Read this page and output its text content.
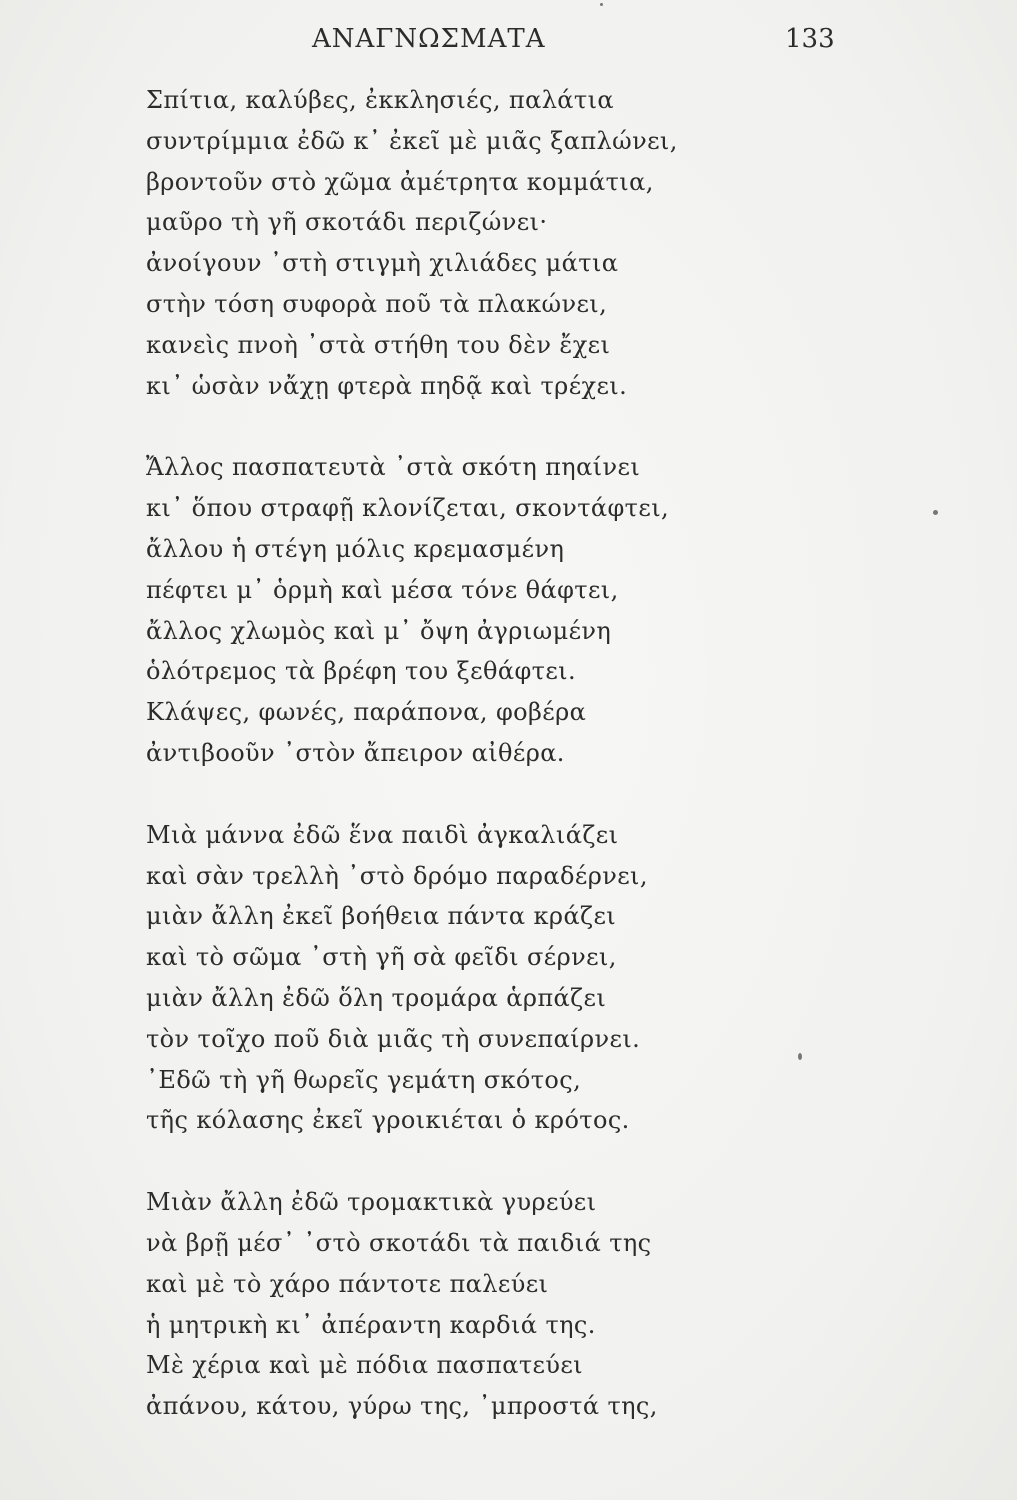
ΑΝΑΓΝΩΣΜΑΤΑ	133
Σπίτια, καλύβες, ἐκκλησιές, παλάτια
συντρίμμια ἐδῶ κ᾿ ἐκεῖ μὲ μιᾶς ξαπλώνει,
βροντοῦν στὸ χῶμα ἀμέτρητα κομμάτια,
μαῦρο τὴ γῆ σκοτάδι περιζώνει·
ἀνοίγουν ᾿στὴ στιγμὴ χιλιάδες μάτια
στὴν τόση συφορὰ ποῦ τὰ πλακώνει,
κανεὶς πνοὴ ᾿στὰ στήθη του δὲν ἔχει
κι᾿ ὡσὰν νἄχῃ φτερὰ πηδᾷ καὶ τρέχει.
Ἄλλος πασπατευτὰ ᾿στὰ σκότη πηαίνει
κι᾿ ὅπου στραφῇ κλονίζεται, σκοντάφτει,
ἄλλου ἡ στέγη μόλις κρεμασμένη
πέφτει μ᾿ ὁρμὴ καὶ μέσα τόνε θάφτει,
ἄλλος χλωμὸς καὶ μ᾿ ὄψη ἀγριωμένη
ὁλότρεμος τὰ βρέφη του ξεθάφτει.
Κλάψες, φωνές, παράπονα, φοβέρα
ἀντιβοοῦν ᾿στὸν ἄπειρον αἰθέρα.
Μιὰ μάννα ἐδῶ ἕνα παιδὶ ἀγκαλιάζει
καὶ σὰν τρελλὴ ᾿στὸ δρόμο παραδέρνει,
μιὰν ἄλλη ἐκεῖ βοήθεια πάντα κράζει
καὶ τὸ σῶμα ᾿στὴ γῆ σὰ φεῖδι σέρνει,
μιὰν ἄλλη ἐδῶ ὅλη τρομάρα ἁρπάζει
τὸν τοῖχο ποῦ διὰ μιᾶς τὴ συνεπαίρνει.
᾿Εδῶ τὴ γῆ θωρεῖς γεμάτη σκότος,
τῆς κόλασης ἐκεῖ γροικιέται ὁ κρότος.
Μιὰν ἄλλη ἐδῶ τρομακτικὰ γυρεύει
νὰ βρῇ μέσ᾿ ᾿στὸ σκοτάδι τὰ παιδιά της
καὶ μὲ τὸ χάρο πάντοτε παλεύει
ἡ μητρικὴ κι᾿ ἀπέραντη καρδιά της.
Μὲ χέρια καὶ μὲ πόδια πασπατεύει
ἀπάνου, κάτου, γύρω της, ᾿μπροστά της,
